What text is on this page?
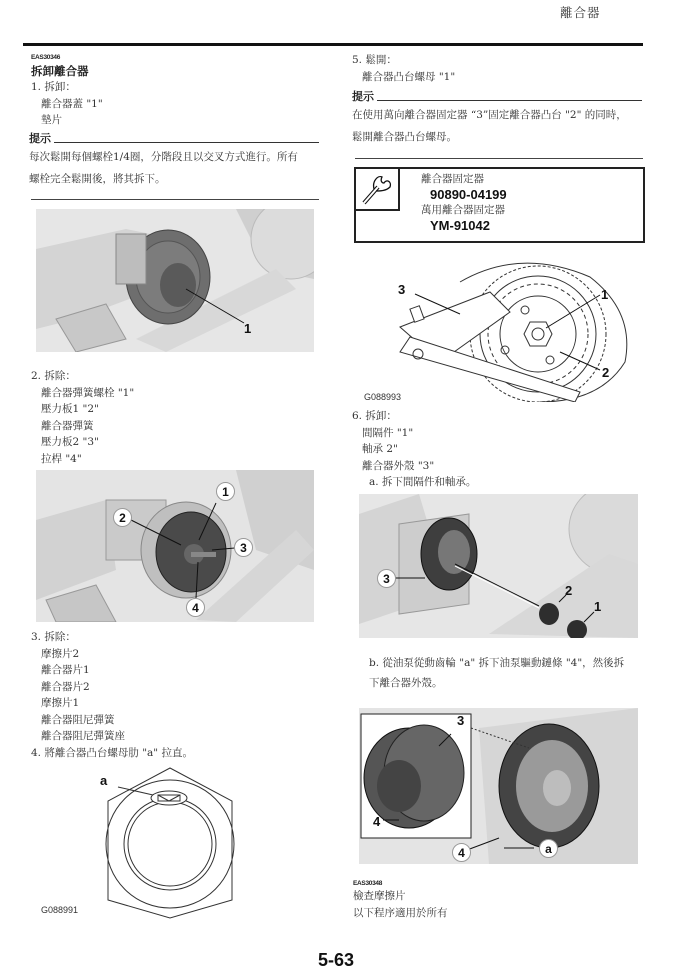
離合器
EAS30346
拆卸離合器
1. 拆卸：
離合器蓋 "1"
墊片
提示
每次鬆開每個螺栓1/4圈，分階段且以交叉方式進行。所有
螺栓完全鬆開後，將其拆下。
1
2. 拆除：
離合器彈簧螺栓 "1"
壓力板1 "2"
離合器彈簧
壓力板2 "3"
拉桿 "4"
1
2
3
4
3. 拆除：
摩擦片2
離合器片1
離合器片2
摩擦片1
離合器阻尼彈簧
離合器阻尼彈簧座
4. 將離合器凸台螺母肋 "a" 拉直。
a
G088991
5. 鬆開：
離合器凸台螺母 "1"
提示
在使用萬向離合器固定器 “3”固定離合器凸台 "2" 的同時，
鬆開離合器凸台螺母。
離合器固定器
90890-04199
萬用離合器固定器
YM-91042
3	1
2
G088993
6. 拆卸：
間隔件 "1"
軸承 2"
離合器外殼 "3"
a. 拆下間隔件和軸承。
3
2
1
b. 從油泵從動齒輪 "a" 拆下油泵驅動鏈條 "4"，然後拆
下離合器外殼。
3
4
4	a
EAS30348
檢查摩擦片
以下程序適用於所有
5-63
